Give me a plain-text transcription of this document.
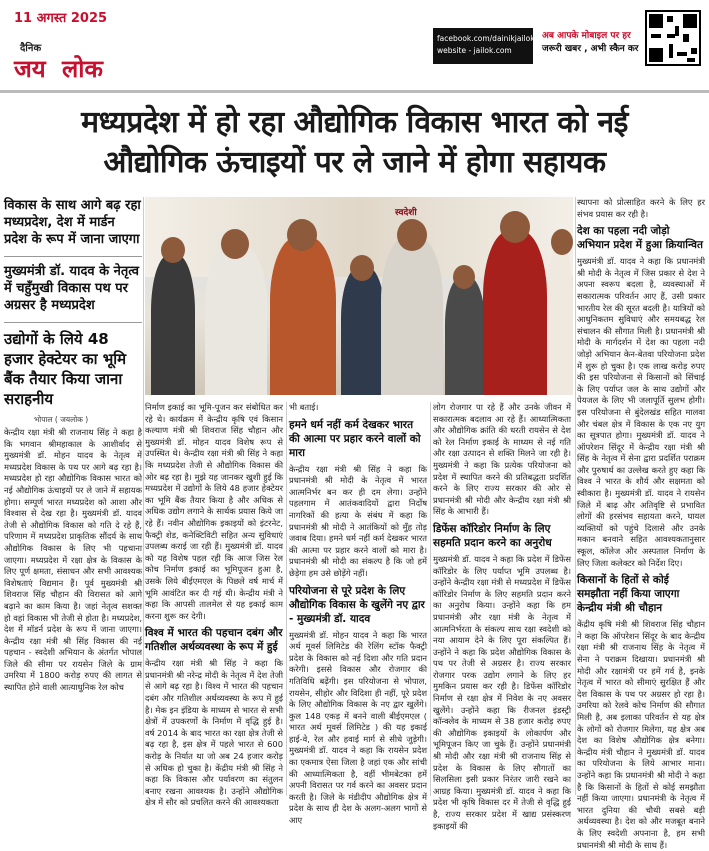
11 अगस्त 2025
दैनिक
जय लोक
facebook.com/dainikjailok
website - jailok.com
अब आपके मोबाइल पर हर
जरूरी खबर , अभी स्कैन कर
मध्यप्रदेश में हो रहा औद्योगिक विकास भारत को नई
औद्योगिक ऊंचाइयों पर ले जाने में होगा सहायक
विकास के साथ आगे बढ़ रहा मध्यप्रदेश, देश में मार्डन प्रदेश के रूप में जाना जाएगा
मुख्यमंत्री डॉ. यादव के नेतृत्व में चहुँमुखी विकास पथ पर अग्रसर है मध्यप्रदेश
उद्योगों के लिये 48 हजार हेक्टेयर का भूमि बैंक तैयार किया जाना सराहनीय
भोपाल ( जयलोक )
केन्द्रीय रक्षा मंत्री श्री राजनाथ सिंह ने कहा है कि भगवान श्रीमहाकाल के आशीर्वाद से मुख्यमंत्री डॉ. मोहन यादव के नेतृत्व में मध्यप्रदेश विकास के पथ पर आगे बढ़ रहा है। मध्यप्रदेश हो रहा औद्योगिक विकास भारत को नई औद्योगिक ऊंचाइयों पर ले जाने में सहायक होगा। सम्पूर्ण भारत मध्यप्रदेश को आशा और विश्वास से देख रहा है। मुख्यमंत्री डॉ. यादव तेजी से औद्योगिक विकास को गति दे रहे हैं, परिणाम में मध्यप्रदेश प्राकृतिक सौंदर्य के साथ औद्योगिक विकास के लिए भी पहचाना जाएगा। मध्यप्रदेश में रक्षा क्षेत्र के विकास के लिए पूर्ण क्षमता, संसाधन और सभी आवश्यक विशेषताएं विद्यमान हैं। पूर्व मुख्यमंत्री श्री शिवराज सिंह चौहान की विरासत को आगे बढ़ाने का काम किया है। जहां नेतृत्व सशक्त हो वहां विकास भी तेजी से होता है। मध्यप्रदेश, देश में मॉडर्न प्रदेश के रूप में जाना जाएगा। केन्द्रीय रक्षा मंत्री श्री सिंह विकास की नई पहचान - स्वदेशी अभियान के अंतर्गत भोपाल जिले की सीमा पर रायसेन जिले के ग्राम उमरिया में 1800 करोड़ रुपए की लागत से स्थापित होने वाली आत्याधुनिक रेल कोच
स्वदेशी
निर्माण इकाई का भूमि-पूजन कर संबोधित कर रहे थे। कार्यक्रम में केन्द्रीय कृषि एवं किसान कल्याण मंत्री श्री शिवराज सिंह चौहान और मुख्यमंत्री डॉ. मोहन यादव विशेष रूप से उपस्थित थे। केन्द्रीय रक्षा मंत्री श्री सिंह ने कहा कि मध्यप्रदेश तेजी से औद्योगिक विकास की ओर बढ़ रहा है। मुझे यह जानकर खुशी हुई कि मध्यप्रदेश में उद्योगों के लिये 48 हजार हेक्टेयर का भूमि बैंक तैयार किया है और अधिक से अधिक उद्योग लगाने के सार्थक प्रयास किये जा रहे हैं। नवीन औद्योगिक इकाइयों को इंटरनेट, फैक्ट्री शेड, कनेक्टिविटी सहित अन्य सुविधाएं उपलब्ध कराई जा रही हैं। मुख्यमंत्री डॉ. यादव को यह विशेष पहल रही कि आज जिस रेल कोच निर्माण इकाई का भूमिपूजन हुआ है, उसके लिये बीईएमएल के पिछले वर्ष मार्च में भूमि आवंटित कर दी गई थी। केन्द्रीय मंत्री ने कहा कि आपसी तालमेल से यह इकाई काम करना शुरू कर देगी।
विश्व में भारत की पहचान दबंग और गतिशील अर्थव्यवस्था के रूप में हुई
केन्द्रीय रक्षा मंत्री श्री सिंह ने कहा कि प्रधानमंत्री श्री नरेन्द्र मोदी के नेतृत्व में देश तेजी से आगे बढ़ रहा है। विश्व में भारत की पहचान दबंग और गतिशील अर्थव्यवस्था के रूप में हुई है। मेक इन इंडिया के माध्यम से भारत से सभी क्षेत्रों में उपकरणों के निर्माण में वृद्धि हुई है। वर्ष 2014 के बाद भारत का रक्षा क्षेत्र तेजी से बढ़ रहा है, इस क्षेत्र में पहले भारत से 600 करोड़ के निर्यात था जो अब 24 हजार करोड़ से अधिक हो चुका है। केंद्रीय मंत्री श्री सिंह ने कहा कि विकास और पर्यावरण का संतुलन बनाए रखना आवश्यक है। उन्होंने औद्योगिक क्षेत्र में सौर को प्रचलित करने की आवश्यकता
भी बताई।
हमने धर्म नहीं कर्म देखकर भारत की आत्मा पर प्रहार करने वालों को मारा
केन्द्रीय रक्षा मंत्री श्री सिंह ने कहा कि प्रधानमंत्री श्री मोदी के नेतृत्व में भारत आत्मनिर्भर बन कर ही दम लेगा। उन्होंने पहलगाम में आतंकवादियों द्वारा निर्दोष नागरिकों की हत्या के संबंध में कहा कि प्रधानमंत्री श्री मोदी ने आतंकियों को मुँह तोड़ जवाब दिया। हमने धर्म नहीं कर्म देखकर भारत की आत्मा पर प्रहार करने वालों को मारा है। प्रधानमंत्री श्री मोदी का संकल्प है कि जो हमें छेड़ेगा हम उसे छोड़ेंगे नहीं।
परियोजना से पूरे प्रदेश के लिए औद्योगिक विकास के खुलेंगे नए द्वार - मुख्यमंत्री डॉ. यादव
मुख्यमंत्री डॉ. मोहन यादव ने कहा कि भारत अर्थ मूवर्स लिमिटेड की रेलिंग स्टॉक फैक्ट्री प्रदेश के विकास को नई दिशा और गति प्रदान करेगी। इससे विकास और रोजगार की गतिविधि बढ़ेंगी। इस परियोजना से भोपाल, रायसेन, सीहोर और विदिशा ही नहीं, पूरे प्रदेश के लिए औद्योगिक विकास के नए द्वार खुलेंगे। कुल 148 एकड़ में बनने वाली बीईएमएल ( भारत अर्थ मूवर्स लिमिटेड ) की यह इकाई हाई-वे, रेल और हवाई मार्ग से सीधे जुड़ेगी। मुख्यमंत्री डॉ. यादव ने कहा कि रायसेन प्रदेश का एकमात्र ऐसा जिला है जहां एक और सांची की आध्यात्मिकता है, वहीं भीमबेटका हमें अपनी विरासत पर गर्व करने का अवसर प्रदान करती है। जिले के मंडीदीप औद्योगिक क्षेत्र में प्रदेश के साथ ही देश के अलग-अलग भागों से आए
लोग रोजगार पा रहे हैं और उनके जीवन में सकारात्मक बदलाव आ रहे हैं। आध्यात्मिकता और औद्योगिक क्रांति की धरती रायसेन से देश को रेल निर्माण इकाई के माध्यम से नई गति और रक्षा उत्पादन से शक्ति मिलने जा रही है। मुख्यमंत्री ने कहा कि प्रत्येक परियोजना को प्रदेश में स्थापित करने की प्रतिबद्धता प्रदर्शित करने के लिए राज्य सरकार की ओर से प्रधानमंत्री श्री मोदी और केन्द्रीय रक्षा मंत्री श्री सिंह के आभारी हैं।
डिफेंस कॉरिडोर निर्माण के लिए सहमति प्रदान करने का अनुरोध
मुख्यमंत्री डॉ. यादव ने कहा कि प्रदेश में डिफेंस कॉरिडोर के लिए पर्याप्त भूमि उपलब्ध है। उन्होंने केन्द्रीय रक्षा मंत्री से मध्यप्रदेश में डिफेंस कॉरिडोर निर्माण के लिए सहमति प्रदान करने का अनुरोध किया। उन्होंने कहा कि हम प्रधानमंत्री और रक्षा मंत्री के नेतृत्व में आत्मनिर्भरता के संकल्प साथ रक्षा स्वदेशी को नया आयाम देने के लिए पूरा संकल्पित हैं। उन्होंने ने कहा कि प्रदेश औद्योगिक विकास के पथ पर तेजी से अग्रसर है। राज्य सरकार रोजगार परक उद्योग लगाने के लिए हर मुमकिन प्रयास कर रही है। डिफेंस कॉरिडोर निर्माण से रक्षा क्षेत्र में निवेश के नए अवसर खुलेंगे। उन्होंने कहा कि रीजनल इंडस्ट्री कॉन्क्लेव के माध्यम से 38 हजार करोड़ रुपए की औद्योगिक इकाइयों के लोकार्पण और भूमिपूजन किए जा चुके हैं। उन्होंने प्रधानमंत्री श्री मोदी और रक्षा मंत्री श्री राजनाथ सिंह से प्रदेश के विकास के लिए सौगातों का सिलसिला इसी प्रकार निरंतर जारी रखने का आग्रह किया। मुख्यमंत्री डॉ. यादव ने कहा कि प्रदेश भी कृषि विकास दर में तेजी से वृद्धि हुई है, राज्य सरकार प्रदेश में खाद्य प्रसंस्करण इकाइयों की
स्थापना को प्रोत्साहित करने के लिए हर संभव प्रयास कर रही है।
देश का पहला नदी जोड़ो अभियान प्रदेश में हुआ क्रियान्वित
मुख्यमंत्री डॉ. यादव ने कहा कि प्रधानमंत्री श्री मोदी के नेतृत्व में जिस प्रकार से देश ने अपना स्वरूप बदला है, व्यवस्थाओं में सकारात्मक परिवर्तन आए हैं, उसी प्रकार भारतीय रेल की सूरत बदली है। यात्रियों को आधुनिकतम सुविधाएं और समयबद्ध रेल संचालन की सौगात मिली है। प्रधानमंत्री श्री मोदी के मार्गदर्शन में देश का पहला नदी जोड़ो अभियान केन-बेतवा परियोजना प्रदेश में शुरू हो चुका है। एक लाख करोड़ रुपए की इस परियोजना से किसानों को सिंचाई के लिए पर्याप्त जल के साथ उद्योगों और पेयजल के लिए भी जलापूर्ति सुलभ होगी। इस परियोजना से बुंदेलखंड सहित मालवा और चंबल क्षेत्र में विकास के एक नए युग का सूत्रपात होगा। मुख्यमंत्री डॉ. यादव ने ऑपरेशन सिंदूर में केन्द्रीय रक्षा मंत्री श्री सिंह के नेतृत्व में सेना द्वारा प्रदर्शित पराक्रम और पुरुषार्थ का उल्लेख करते हुए कहा कि विश्व ने भारत के शौर्य और सक्षमता को स्वीकारा है। मुख्यमंत्री डॉ. यादव ने रायसेन जिले में बाढ़ और अतिवृष्टि से प्रभावित लोगों की हरसंभव सहायता करने, घायल व्यक्तियों को पहुंचे दिलासे और उनके मकान बनवाने सहित आवश्यकतानुसार स्कूल, कॉलेज और अस्पताल निर्माण के लिए जिला कलेक्टर को निर्देश दिए।
किसानों के हितों से कोई समझौता नहीं किया जाएगा केन्द्रीय मंत्री श्री चौहान
केंद्रीय कृषि मंत्री श्री शिवराज सिंह चौहान ने कहा कि ऑपरेशन सिंदूर के बाद केन्द्रीय रक्षा मंत्री श्री राजनाथ सिंह के नेतृत्व में सेना ने पराक्रम दिखाया। प्रधानमंत्री श्री मोदी और रक्षामंत्री पर हमें गर्व है, इनके नेतृत्व में भारत को सीमाएं सुरक्षित हैं और देश विकास के पथ पर अग्रसर हो रहा है। उमरिया को रेलवे कोच निर्माण की सौगात मिली है, अब इलाका परिवर्तन से यह क्षेत्र के लोगों को रोजगार मिलेगा, यह क्षेत्र अब देश का विशेष औद्योगिक क्षेत्र बनेगा। केन्द्रीय मंत्री चौहान ने मुख्यमंत्री डॉ. यादव का परियोजना के लिये आभार माना। उन्होंने कहा कि प्रधानमंत्री श्री मोदी ने कहा है कि किसानों के हितों से कोई समझौता नहीं किया जाएगा। प्रधानमंत्री के नेतृत्व में भारत दुनिया की चौथी सबसे बड़ी अर्थव्यवस्था है। देश को और मजबूत बनाने के लिए स्वदेशी अपनाना है, हम सभी प्रधानमंत्री श्री मोदी के साथ हैं।
